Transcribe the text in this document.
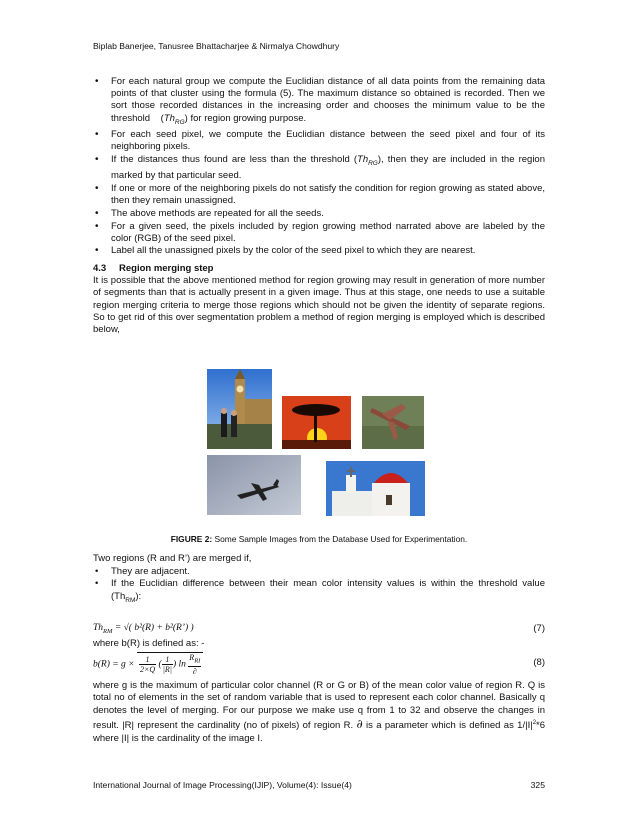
Biplab Banerjee, Tanusree Bhattacharjee & Nirmalya Chowdhury
• For each natural group we compute the Euclidian distance of all data points from the remaining data points of that cluster using the formula (5). The maximum distance so obtained is recorded. Then we sort those recorded distances in the increasing order and chooses the minimum value to be the threshold    $(Th_{RG})$ for region growing purpose.
• For each seed pixel, we compute the Euclidian distance between the seed pixel and four of its neighboring pixels.
• If the distances thus found are less than the threshold $(Th_{RG})$, then they are included in the region marked by that particular seed.
• If one or more of the neighboring pixels do not satisfy the condition for region growing as stated above, then they remain unassigned.
• The above methods are repeated for all the seeds.
• For a given seed, the pixels included by region growing method narrated above are labeled by the color (RGB) of the seed pixel.
• Label all the unassigned pixels by the color of the seed pixel to which they are nearest.
4.3 Region merging step

It is possible that the above mentioned method for region growing may result in generation of more number of segments than that is actually present in a given image. Thus at this stage, one needs to use a suitable region merging criteria to merge those regions which should not be given the identity of separate regions. So to get rid of this over segmentation problem a method of region merging is employed which is described below,

FIGURE 2: Some Sample Images from the Database Used for Experimentation.
Two regions (R and R’) are merged if,
• They are adjacent.
• If the Euclidian difference between their mean color intensity values is within the threshold value $(Th_{RM})$:
$Th_{RM}$ = √( b²(R) + b²(R’) )	(7)
where b(R) is defined as: -
$b(R) = g \times \frac{1}{2\times Q}$ ( $\frac{1}{|R|}$ ) $\ln \frac{R_{RI}}{\partial}$	(8)
where g is the maximum of particular color channel (R or G or B) of the mean color value of region R. Q is total no of elements in the set of random variable that is used to represent each color channel. Basically q denotes the level of merging. For our purpose we make use q from 1 to 32 and observe the changes in result. |R| represent the cardinality (no of pixels) of region R. ∂ is a parameter which is defined as $1/|I|^2*6$ where |I| is the cardinality of the image I.
International Journal of Image Processing(IJIP), Volume(4): Issue(4)	325
